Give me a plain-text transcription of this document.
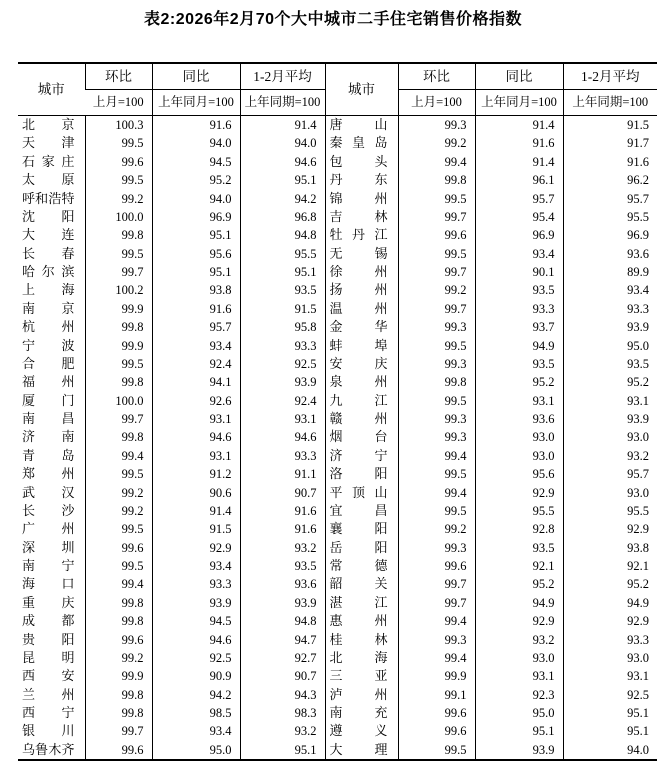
表2:2026年2月70个大中城市二手住宅销售价格指数
城市	环比	同比	1-2月平均	城市	环比	同比	1-2月平均
	上月=100	上年同月=100	上年同期=100		上月=100	上年同月=100	上年同期=100
北京	100.3	91.6	91.4	唐山	99.3	91.4	91.5
天津	99.5	94.0	94.0	秦皇岛	99.2	91.6	91.7
石家庄	99.6	94.5	94.6	包头	99.4	91.4	91.6
太原	99.5	95.2	95.1	丹东	99.8	96.1	96.2
呼和浩特	99.2	94.0	94.2	锦州	99.5	95.7	95.7
沈阳	100.0	96.9	96.8	吉林	99.7	95.4	95.5
大连	99.8	95.1	94.8	牡丹江	99.6	96.9	96.9
长春	99.5	95.6	95.5	无锡	99.5	93.4	93.6
哈尔滨	99.7	95.1	95.1	徐州	99.7	90.1	89.9
上海	100.2	93.8	93.5	扬州	99.2	93.5	93.4
南京	99.9	91.6	91.5	温州	99.7	93.3	93.3
杭州	99.8	95.7	95.8	金华	99.3	93.7	93.9
宁波	99.9	93.4	93.3	蚌埠	99.5	94.9	95.0
合肥	99.5	92.4	92.5	安庆	99.3	93.5	93.5
福州	99.8	94.1	93.9	泉州	99.8	95.2	95.2
厦门	100.0	92.6	92.4	九江	99.5	93.1	93.1
南昌	99.7	93.1	93.1	赣州	99.3	93.6	93.9
济南	99.8	94.6	94.6	烟台	99.3	93.0	93.0
青岛	99.4	93.1	93.3	济宁	99.4	93.0	93.2
郑州	99.5	91.2	91.1	洛阳	99.5	95.6	95.7
武汉	99.2	90.6	90.7	平顶山	99.4	92.9	93.0
长沙	99.2	91.4	91.6	宜昌	99.5	95.5	95.5
广州	99.5	91.5	91.6	襄阳	99.2	92.8	92.9
深圳	99.6	92.9	93.2	岳阳	99.3	93.5	93.8
南宁	99.5	93.4	93.5	常德	99.6	92.1	92.1
海口	99.4	93.3	93.6	韶关	99.7	95.2	95.2
重庆	99.8	93.9	93.9	湛江	99.7	94.9	94.9
成都	99.8	94.5	94.8	惠州	99.4	92.9	92.9
贵阳	99.6	94.6	94.7	桂林	99.3	93.2	93.3
昆明	99.2	92.5	92.7	北海	99.4	93.0	93.0
西安	99.9	90.9	90.7	三亚	99.9	93.1	93.1
兰州	99.8	94.2	94.3	泸州	99.1	92.3	92.5
西宁	99.8	98.5	98.3	南充	99.6	95.0	95.1
银川	99.7	93.4	93.2	遵义	99.6	95.1	95.1
乌鲁木齐	99.6	95.0	95.1	大理	99.5	93.9	94.0
